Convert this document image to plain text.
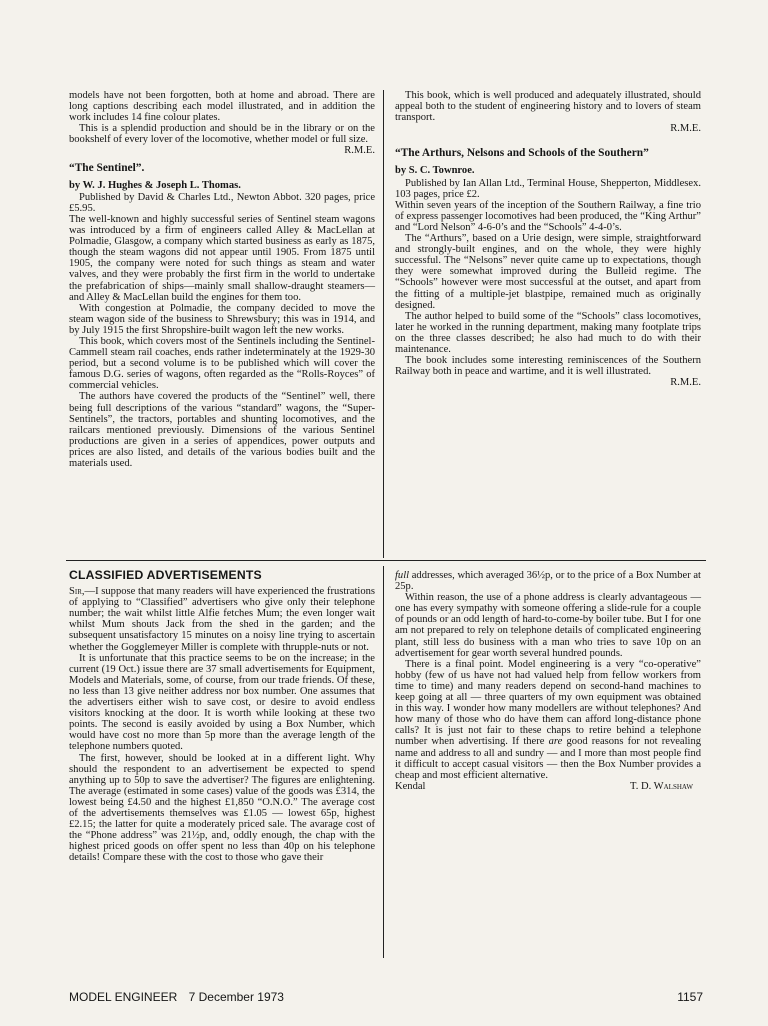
models have not been forgotten, both at home and abroad. There are long captions describing each model illustrated, and in addition the work includes 14 fine colour plates.

This is a splendid production and should be in the library or on the bookshelf of every lover of the locomotive, whether model or full size.

R.M.E.
“The Sentinel”.
by W. J. Hughes & Joseph L. Thomas.

Published by David & Charles Ltd., Newton Abbot. 320 pages, price £5.95.

The well-known and highly successful series of Sentinel steam wagons was introduced by a firm of engineers called Alley & MacLellan at Polmadie, Glasgow, a company which started business as early as 1875, though the steam wagons did not appear until 1905. From 1875 until 1905, the company were noted for such things as steam and water valves, and they were probably the first firm in the world to undertake the prefabrication of ships—mainly small shallow-draught steamers—and Alley & MacLellan build the engines for them too.

With congestion at Polmadie, the company decided to move the steam wagon side of the business to Shrewsbury; this was in 1914, and by July 1915 the first Shropshire-built wagon left the new works.

This book, which covers most of the Sentinels including the Sentinel-Cammell steam rail coaches, ends rather indeterminately at the 1929-30 period, but a second volume is to be published which will cover the famous D.G. series of wagons, often regarded as the “Rolls-Royces” of commercial vehicles.

The authors have covered the products of the “Sentinel” well, there being full descriptions of the various “standard” wagons, the “Super-Sentinels”, the tractors, portables and shunting locomotives, and the railcars mentioned previously. Dimensions of the various Sentinel productions are given in a series of appendices, power outputs and prices are also listed, and details of the various bodies built and the materials used.

This book, which is well produced and adequately illustrated, should appeal both to the student of engineering history and to lovers of steam transport.

R.M.E.
“The Arthurs, Nelsons and Schools of the Southern”
by S. C. Townroe.

Published by Ian Allan Ltd., Terminal House, Shepperton, Middlesex. 103 pages, price £2.

Within seven years of the inception of the Southern Railway, a fine trio of express passenger locomotives had been produced, the “King Arthur” and “Lord Nelson” 4-6-0’s and the “Schools” 4-4-0’s.

The “Arthurs”, based on a Urie design, were simple, straightforward and strongly-built engines, and on the whole, they were highly successful. The “Nelsons” never quite came up to expectations, though they were somewhat improved during the Bulleid regime. The “Schools” however were most successful at the outset, and apart from the fitting of a multiple-jet blastpipe, remained much as originally designed.

The author helped to build some of the “Schools” class locomotives, later he worked in the running department, making many footplate trips on the three classes described; he also had much to do with their maintenance.

The book includes some interesting reminiscences of the Southern Railway both in peace and wartime, and it is well illustrated.

R.M.E.
CLASSIFIED ADVERTISEMENTS

Sir,—I suppose that many readers will have experienced the frustrations of applying to “Classified” advertisers who give only their telephone number; the wait whilst little Alfie fetches Mum; the even longer wait whilst Mum shouts Jack from the shed in the garden; and the subsequent unsatisfactory 15 minutes on a noisy line trying to ascertain whether the Gogglemeyer Miller is complete with thrupple-nuts or not.

It is unfortunate that this practice seems to be on the increase; in the current (19 Oct.) issue there are 37 small advertisements for Equipment, Models and Materials, some, of course, from our trade friends. Of these, no less than 13 give neither address nor box number. One assumes that the advertisers either wish to save cost, or desire to avoid endless visitors knocking at the door. It is worth while looking at these two points. The second is easily avoided by using a Box Number, which would have cost no more than 5p more than the average length of the telephone numbers quoted.

The first, however, should be looked at in a different light. Why should the respondent to an advertisement be expected to spend anything up to 50p to save the advertiser? The figures are enlightening. The average (estimated in some cases) value of the goods was £314, the lowest being £4.50 and the highest £1,850 “O.N.O.” The average cost of the advertisements themselves was £1.05 — lowest 65p, highest £2.15; the latter for quite a moderately priced sale. The avarage cost of the “Phone address” was 21½p, and, oddly enough, the chap with the highest priced goods on offer spent no less than 40p on his telephone details! Compare these with the cost to those who gave their

full addresses, which averaged 36½p, or to the price of a Box Number at 25p.

Within reason, the use of a phone address is clearly advantageous — one has every sympathy with someone offering a slide-rule for a couple of pounds or an odd length of hard-to-come-by boiler tube. But I for one am not prepared to rely on telephone details of complicated engineering plant, still less do business with a man who tries to save 10p on an advertisement for gear worth several hundred pounds.

There is a final point. Model engineering is a very “co-operative” hobby (few of us have not had valued help from fellow workers from time to time) and many readers depend on second-hand machines to keep going at all — three quarters of my own equipment was obtained in this way. I wonder how many modellers are without telephones? And how many of those who do have them can afford long-distance phone calls? It is just not fair to these chaps to retire behind a telephone number when advertising. If there are good reasons for not revealing name and address to all and sundry — and I more than most people find it difficult to accept casual visitors — then the Box Number provides a cheap and most efficient alternative.

Kendal	T. D. Walshaw
MODEL ENGINEER 7 December 1973	1157
